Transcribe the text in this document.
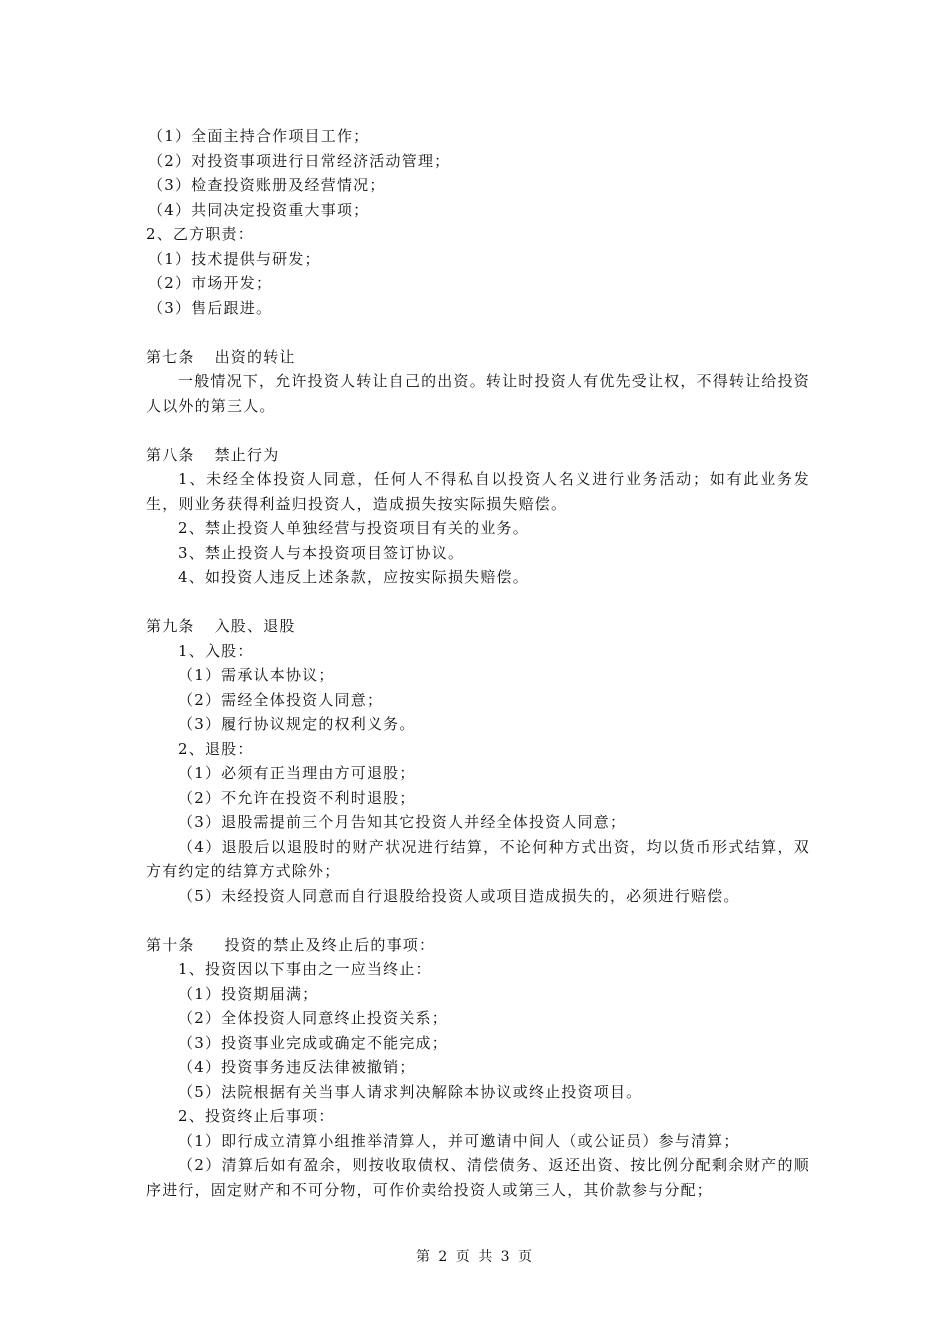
（1）全面主持合作项目工作；
（2）对投资事项进行日常经济活动管理；
（3）检查投资账册及经营情况；
（4）共同决定投资重大事项；
2、乙方职责：
（1）技术提供与研发；
（2）市场开发；
（3）售后跟进。
第七条 出资的转让
一般情况下，允许投资人转让自己的出资。转让时投资人有优先受让权，不得转让给投资人以外的第三人。
第八条 禁止行为
1、未经全体投资人同意，任何人不得私自以投资人名义进行业务活动；如有此业务发生，则业务获得利益归投资人，造成损失按实际损失赔偿。
2、禁止投资人单独经营与投资项目有关的业务。
3、禁止投资人与本投资项目签订协议。
4、如投资人违反上述条款，应按实际损失赔偿。
第九条 入股、退股
1、入股：
（1）需承认本协议；
（2）需经全体投资人同意；
（3）履行协议规定的权利义务。
2、退股：
（1）必须有正当理由方可退股；
（2）不允许在投资不利时退股；
（3）退股需提前三个月告知其它投资人并经全体投资人同意；
（4）退股后以退股时的财产状况进行结算，不论何种方式出资，均以货币形式结算，双方有约定的结算方式除外；
（5）未经投资人同意而自行退股给投资人或项目造成损失的，必须进行赔偿。
第十条 投资的禁止及终止后的事项：
1、投资因以下事由之一应当终止：
（1）投资期届满；
（2）全体投资人同意终止投资关系；
（3）投资事业完成或确定不能完成；
（4）投资事务违反法律被撤销；
（5）法院根据有关当事人请求判决解除本协议或终止投资项目。
2、投资终止后事项：
（1）即行成立清算小组推举清算人，并可邀请中间人（或公证员）参与清算；
（2）清算后如有盈余，则按收取债权、清偿债务、返还出资、按比例分配剩余财产的顺序进行，固定财产和不可分物，可作价卖给投资人或第三人，其价款参与分配；
第 2 页 共 3 页
